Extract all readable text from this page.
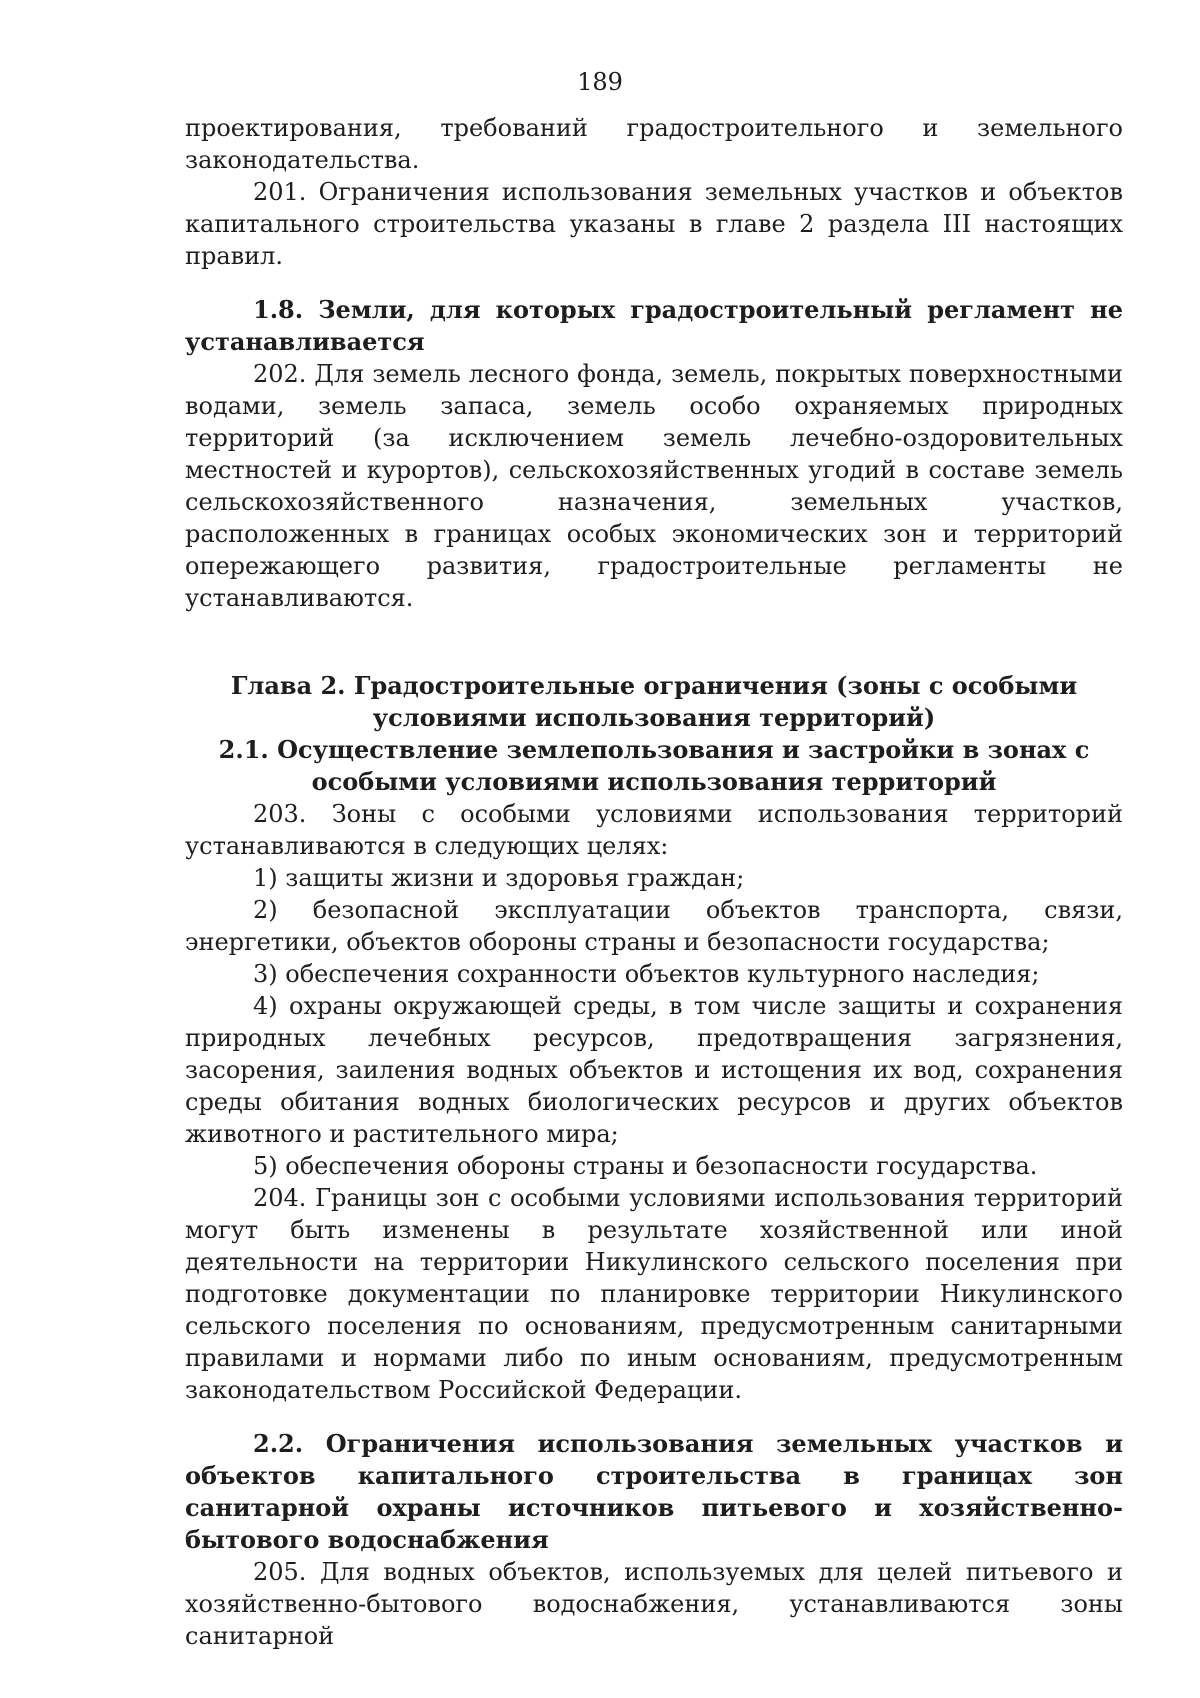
189

проектирования, требований градостроительного и земельного

законодательства.

201. Ограничения использования земельных участков и объектов капитального строительства указаны в главе 2 раздела III настоящих правил.

1.8. Земли, для которых градостроительный регламент не устанавливается

202. Для земель лесного фонда, земель, покрытых поверхностными водами, земель запаса, земель особо охраняемых природных территорий (за исключением земель лечебно-оздоровительных местностей и курортов), сельскохозяйственных угодий в составе земель сельскохозяйственного назначения, земельных участков, расположенных в границах особых экономических зон и территорий опережающего развития, градостроительные регламенты не устанавливаются.

Глава 2. Градостроительные ограничения (зоны с особыми условиями использования территорий)

2.1. Осуществление землепользования и застройки в зонах с особыми условиями использования территорий

203. Зоны с особыми условиями использования территорий устанавливаются в следующих целях:

1) защиты жизни и здоровья граждан;

2) безопасной эксплуатации объектов транспорта, связи, энергетики, объектов обороны страны и безопасности государства;

3) обеспечения сохранности объектов культурного наследия;

4) охраны окружающей среды, в том числе защиты и сохранения природных лечебных ресурсов, предотвращения загрязнения, засорения, заиления водных объектов и истощения их вод, сохранения среды обитания водных биологических ресурсов и других объектов животного и растительного мира;

5) обеспечения обороны страны и безопасности государства.

204. Границы зон с особыми условиями использования территорий могут быть изменены в результате хозяйственной или иной деятельности на территории Никулинского сельского поселения при подготовке документации по планировке территории Никулинского сельского поселения по основаниям, предусмотренным санитарными правилами и нормами либо по иным основаниям, предусмотренным законодательством Российской Федерации.

2.2. Ограничения использования земельных участков и объектов капитального строительства в границах зон санитарной охраны источников питьевого и хозяйственно-бытового водоснабжения

205. Для водных объектов, используемых для целей питьевого и хозяйственно-бытового водоснабжения, устанавливаются зоны санитарной
